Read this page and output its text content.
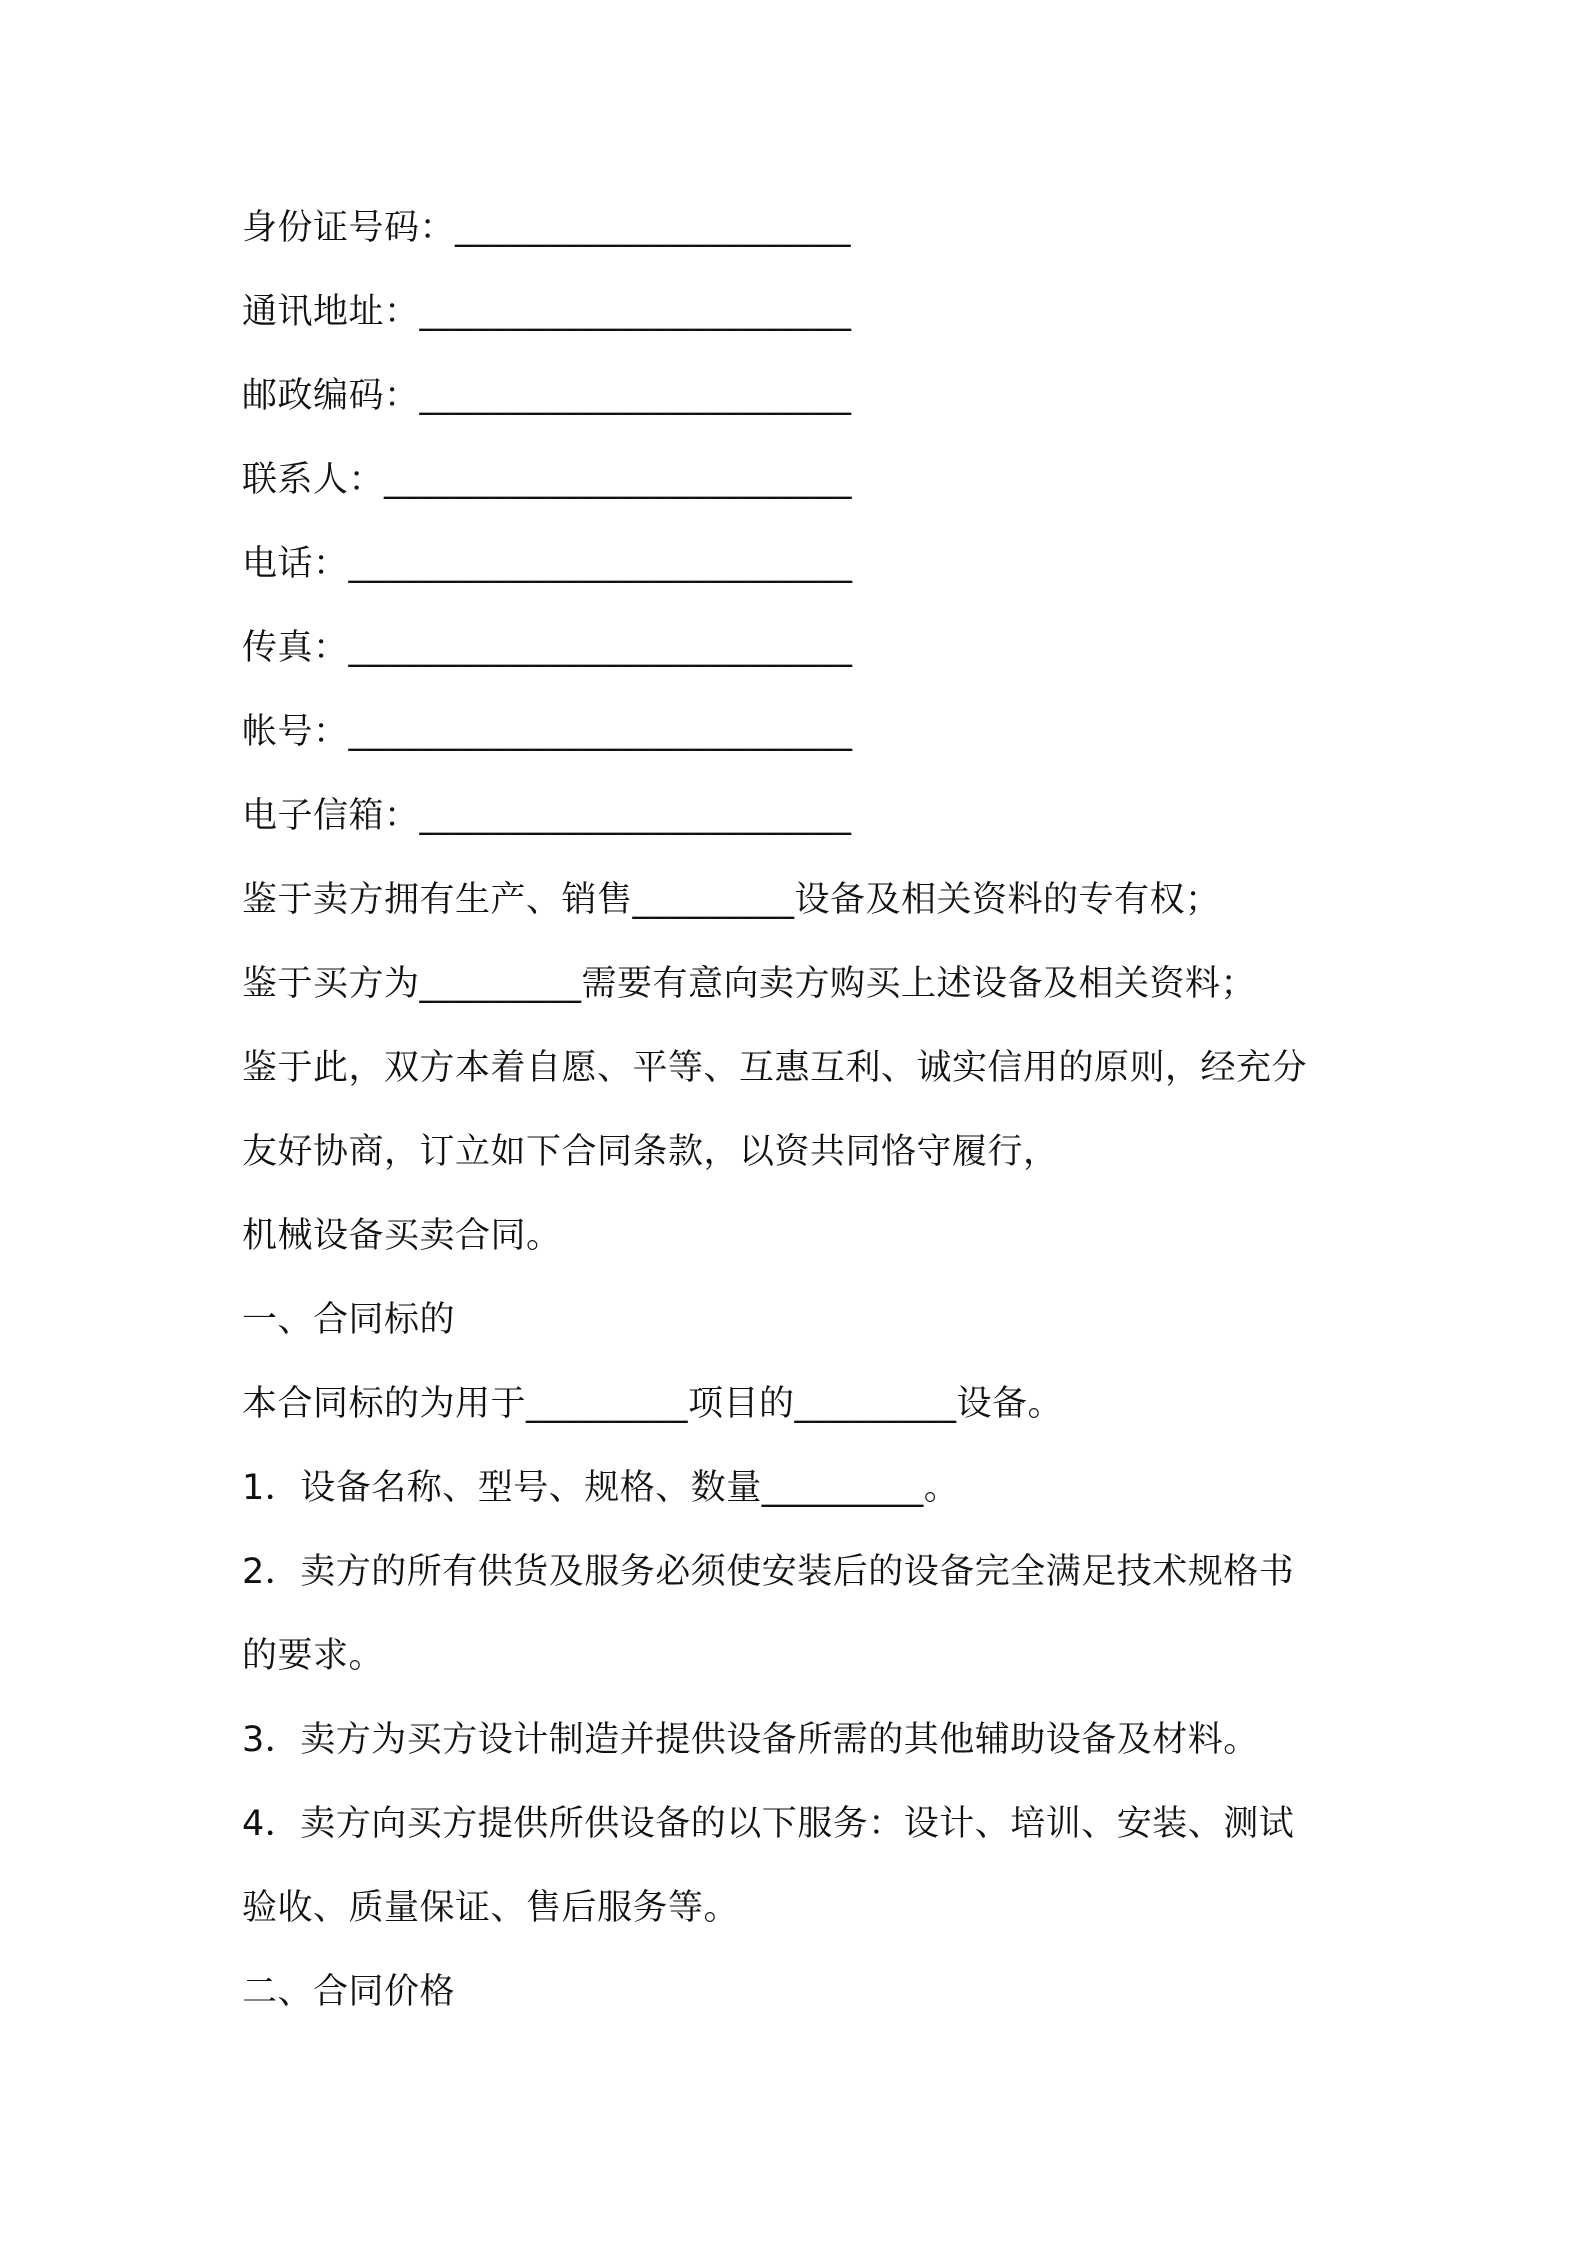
身份证号码：______________________
通讯地址：________________________
邮政编码：________________________
联系人：__________________________
电话：____________________________
传真：____________________________
帐号：____________________________
电子信箱：________________________
鉴于卖方拥有生产、销售_________设备及相关资料的专有权；
鉴于买方为_________需要有意向卖方购买上述设备及相关资料；
鉴于此，双方本着自愿、平等、互惠互利、诚实信用的原则，经充分
友好协商，订立如下合同条款，以资共同恪守履行，
机械设备买卖合同。
一、合同标的
本合同标的为用于_________项目的_________设备。
1．设备名称、型号、规格、数量_________。
2．卖方的所有供货及服务必须使安装后的设备完全满足技术规格书
的要求。
3．卖方为买方设计制造并提供设备所需的其他辅助设备及材料。
4．卖方向买方提供所供设备的以下服务：设计、培训、安装、测试
验收、质量保证、售后服务等。
二、合同价格
